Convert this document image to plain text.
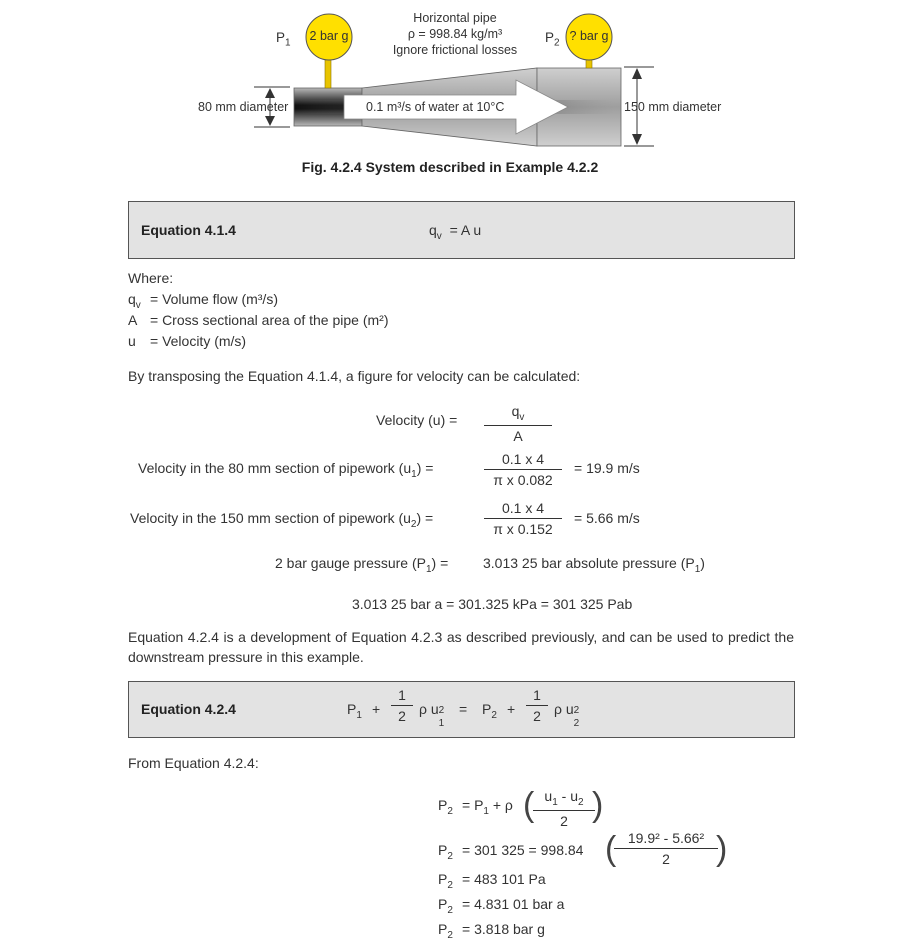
$P_1$
2 bar g	$P_2$
? bar g
Horizontal pipe
ρ = 998.84 kg/m³
Ignore frictional losses
80 mm diameter	150 mm diameter
0.1 m³/s of water at 10°C
Fig. 4.2.4 System described in Example 4.2.2
Equation 4.1.4	$q_v = A$ u
Where:
$q_v$ = Volume flow (m³/s)
A = Cross sectional area of the pipe (m²)
u = Velocity (m/s)
By transposing the Equation 4.1.4, a figure for velocity can be calculated:
Velocity $(u) = \frac{q_v}{A}$
Velocity in the 80 mm section of pipework $(u_1)$ =	$\frac{0.1 x 4}{\text{π x 0.082}} = 19.9$ m/s
Velocity in the 150 mm section of pipework $(u_2)$ =	$\frac{0.1 x 4}{\text{π x 0.152}} = 5.66$ m/s
2 bar gauge pressure $(P_1) = 3.013$ 25 bar absolute pressure $(P_1)$
3.013 25 bar a = 301.325 kPa = 301 325 Pab
Equation 4.2.4 is a development of Equation 4.2.3 as described previously, and can be used to predict the downstream pressure in this example.
Equation 4.2.4	$P_1 + \frac{1}{2}$ ρ u 2
1
= $P_2 + \frac{1}{2}$ ρ u 2
2
From Equation 4.2.4:
$P_2 = P_1 + \rho$ (
$\frac{u_1 - u_2}{2}$
)
$P_2 = 301$ 325 = 998.84 (
$\frac{\text{19.9² - 5.66²}}{2}$
)
$P_2 = 483$ 101 Pa
$P_2 = 4.831$ 01 bar a
$P_2 = 3.818$ bar g
